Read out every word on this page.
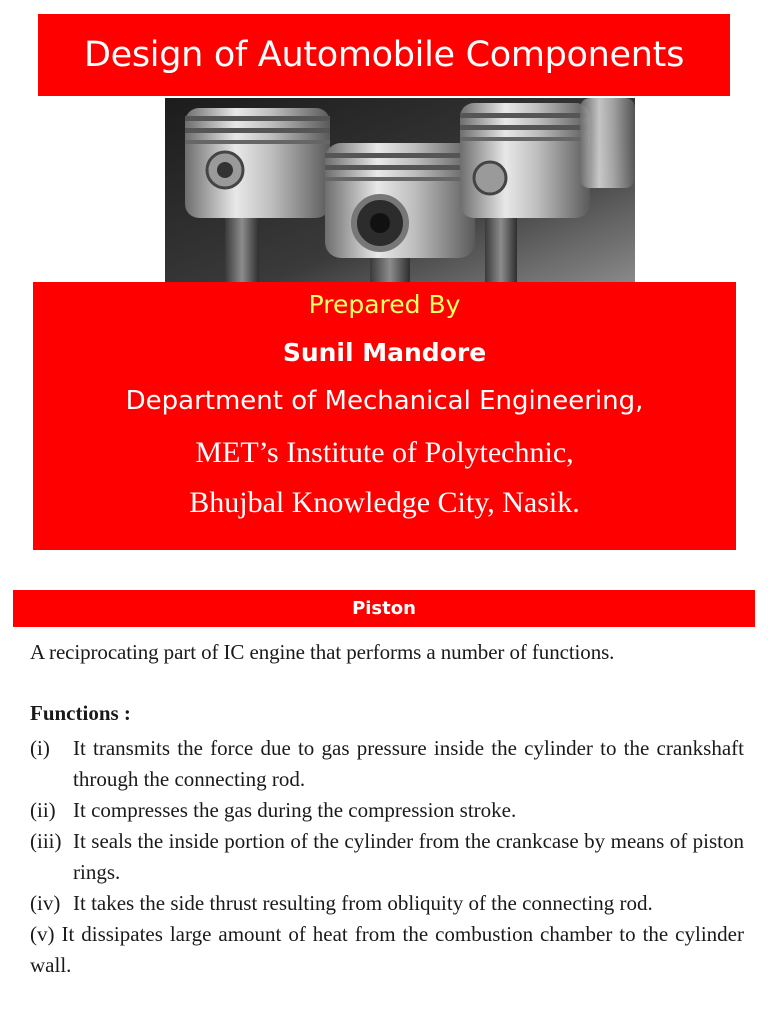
Design of Automobile Components
Prepared By
Sunil Mandore
Department of Mechanical Engineering,
MET’s Institute of Polytechnic,
Bhujbal Knowledge City, Nasik.
Piston
A reciprocating part of IC engine that performs a number of functions.
Functions :
(i)	It transmits the force due to gas pressure inside the cylinder to the crankshaft through the connecting rod.
(ii) It compresses the gas during the compression stroke.
(iii) It seals the inside portion of the cylinder from the crankcase by means of piston rings.
(iv) It takes the side thrust resulting from obliquity of the connecting rod.
(v) It dissipates large amount of heat from the combustion chamber to the cylinder wall.
